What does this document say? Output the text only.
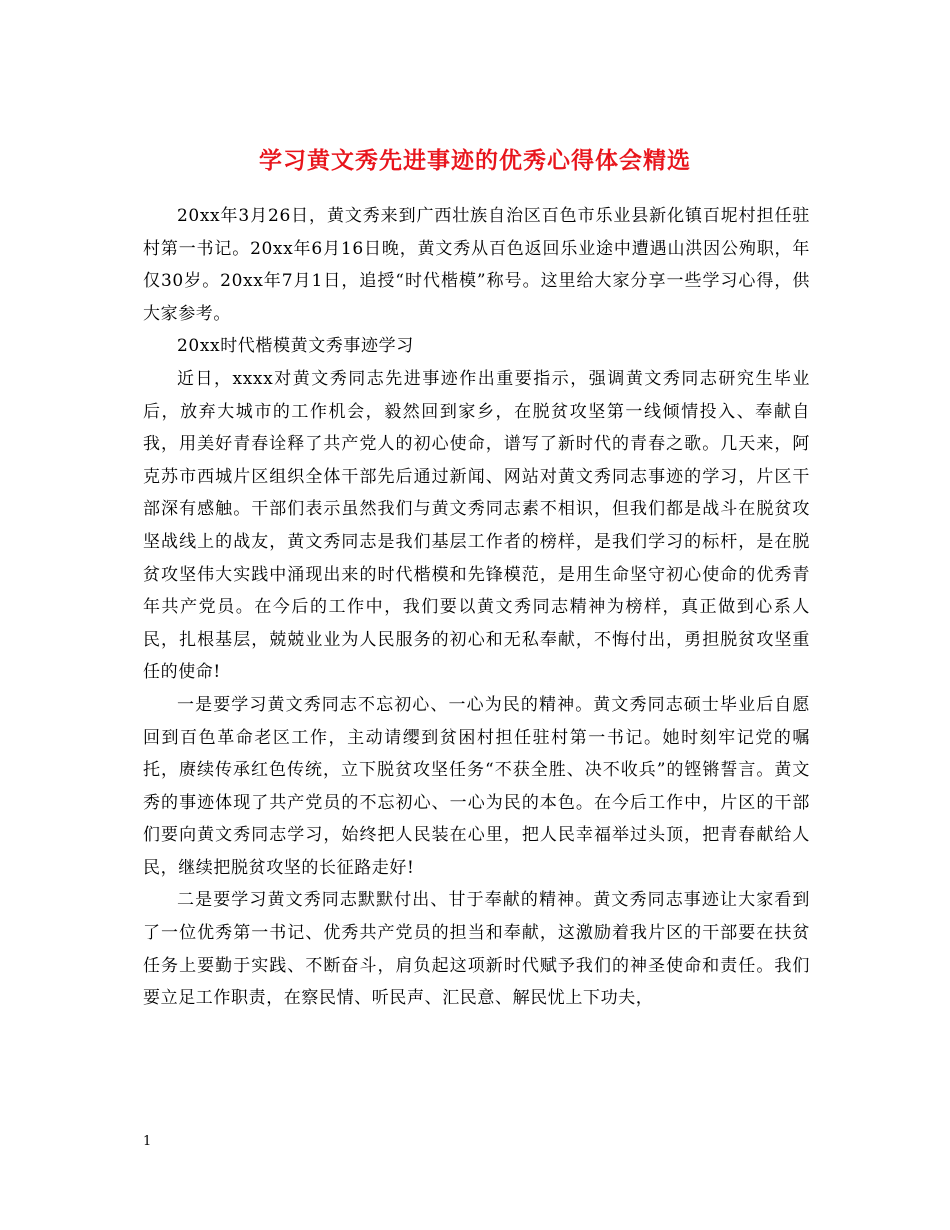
学习黄文秀先进事迹的优秀心得体会精选

20xx年3月26日，黄文秀来到广西壮族自治区百色市乐业县新化镇百坭村担任驻村第一书记。20xx年6月16日晚，黄文秀从百色返回乐业途中遭遇山洪因公殉职，年仅30岁。20xx年7月1日，追授“时代楷模”称号。这里给大家分享一些学习心得，供大家参考。

20xx时代楷模黄文秀事迹学习

近日，xxxx对黄文秀同志先进事迹作出重要指示，强调黄文秀同志研究生毕业后，放弃大城市的工作机会，毅然回到家乡，在脱贫攻坚第一线倾情投入、奉献自我，用美好青春诠释了共产党人的初心使命，谱写了新时代的青春之歌。几天来，阿克苏市西城片区组织全体干部先后通过新闻、网站对黄文秀同志事迹的学习，片区干部深有感触。干部们表示虽然我们与黄文秀同志素不相识，但我们都是战斗在脱贫攻坚战线上的战友，黄文秀同志是我们基层工作者的榜样，是我们学习的标杆，是在脱贫攻坚伟大实践中涌现出来的时代楷模和先锋模范，是用生命坚守初心使命的优秀青年共产党员。在今后的工作中，我们要以黄文秀同志精神为榜样，真正做到心系人民，扎根基层，兢兢业业为人民服务的初心和无私奉献，不悔付出，勇担脱贫攻坚重任的使命!

一是要学习黄文秀同志不忘初心、一心为民的精神。黄文秀同志硕士毕业后自愿回到百色革命老区工作，主动请缨到贫困村担任驻村第一书记。她时刻牢记党的嘱托，赓续传承红色传统，立下脱贫攻坚任务“不获全胜、决不收兵”的铿锵誓言。黄文秀的事迹体现了共产党员的不忘初心、一心为民的本色。在今后工作中，片区的干部们要向黄文秀同志学习，始终把人民装在心里，把人民幸福举过头顶，把青春献给人民，继续把脱贫攻坚的长征路走好!

二是要学习黄文秀同志默默付出、甘于奉献的精神。黄文秀同志事迹让大家看到了一位优秀第一书记、优秀共产党员的担当和奉献，这激励着我片区的干部要在扶贫任务上要勤于实践、不断奋斗，肩负起这项新时代赋予我们的神圣使命和责任。我们要立足工作职责，在察民情、听民声、汇民意、解民忧上下功夫，

1
